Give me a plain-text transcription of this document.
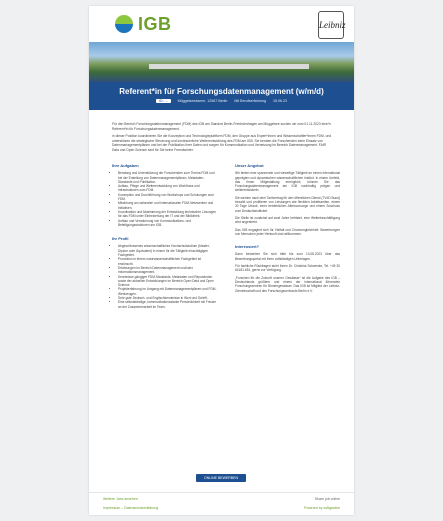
IGB	Leibniz
Referent*in für Forschungsdatenmanagement (w/m/d)
ID: ...	Müggelseedamm, 12587 Berlin Mit Berufserfahrung 15.06.23

Für den Bereich Forschungsdatenmanagement (FDM) des IGB am Standort Berlin-Friedrichshagen am Müggelsee suchen wir zum 01.11.2023 eine*n Referent*in für Forschungsdatenmanagement.

In dieser Position koordinieren Sie die Konzeption und Technologieplattform FDM, den Gruppe aus Expert*innen und Wissenschaftler*innen FDM, und unterstützen die strategische Steuerung und kontinuierliche Weiterentwicklung des FDM am IGB. Sie beraten die Forschenden beim Einsatz von Datenmanagementplänen und bei der Publikation ihrer Daten und sorgen für Kommunikation und Vernetzung im Bereich Datenmanagement. FAIR Data und Open Science sind für Sie keine Fremdwörter.

Ihre Aufgaben
• Beratung und Unterstützung der Forschenden zum Thema FDM und bei der Erstellung von Datenmanagementplänen, Metadaten-Standards und Publikation.
• Aufbau, Pflege und Weiterentwicklung von Workflows und Infrastrukturen zum FDM.
• Konzeption und Durchführung von Workshops und Schulungen zum FDM.
• Mitwirkung an nationalen und internationalen FDM-Netzwerken und Initiativen.
• Koordination und Abstimmung der Entwicklung technischer Lösungen für das FDM unter Einbeziehung der IT und der Bibliothek.
• Aufbau und Verankerung von Kommunikations- und Beteiligungsstrukturen am IGB.
Ihr Profil
• Abgeschlossenes wissenschaftliches Hochschulstudium (Master, Diplom oder Äquivalent) in einem für die Tätigkeit einschlägigen Fachgebiet.
• Promotion in einem naturwissenschaftlichen Fachgebiet ist erwünscht.
• Erfahrungen im Bereich Datenmanagement und/oder Informationsmanagement.
• Kenntnisse gängiger FDM-Standards, Metadaten und Repositorien sowie der aktuellen Entwicklungen im Bereich Open Data und Open Science.
• Projekterfahrung im Umgang mit Datenmanagementplänen und FDM-Werkzeugen.
• Sehr gute Deutsch- und Englischkenntnisse in Wort und Schrift.
• Eine selbstständige, kommunikationsstarke Persönlichkeit mit Freude an der Zusammenarbeit im Team.
Unser Angebot

Wir bieten eine spannende und vielseitige Tätigkeit an einem international geprägten und dynamischen wissenschaftlichen Institut. In einem Umfeld, das Ihnen Mitgestaltung ermöglicht, können Sie das Forschungsdatenmanagement am IGB nachhaltig prägen und weiterentwickeln.

Sie werden nach dem Tarifvertrag für den öffentlichen Dienst (TVöD Bund) bezahlt und profitieren von Leistungen wie flexiblen Arbeitszeiten, einem 30 Tage Urlaub, einer betrieblichen Altersvorsorge und einem Zuschuss zum Deutschlandticket.

Die Stelle ist zunächst auf zwei Jahre befristet, eine Weiterbeschäftigung wird angestrebt.

Das IGB engagiert sich für Vielfalt und Chancengleichheit. Bewerbungen von Menschen jeder Herkunft sind willkommen.

Interessiert?

Dann bewerben Sie sich bitte bis zum 13.08.2023 über das Bewerbungsportal mit Ihren vollständigen Unterlagen.

Für fachliche Rückfragen steht Ihnen Dr. Christina Schwenke, Tel. +49 30 64181-651, gerne zur Verfügung.

„Forschen für die Zukunft unserer Gewässer“ ist die Aufgabe des IGB – Deutschlands größtem und einem der international führenden Forschungszentren für Binnengewässer. Das IGB ist Mitglied der Leibniz-Gemeinschaft und des Forschungsverbunds Berlin e.V.

ONLINE BEWERBEN
Weitere Jobs ansehen
Impressum – Datenschutzerklärung
Share job online
Powered by softgarden
